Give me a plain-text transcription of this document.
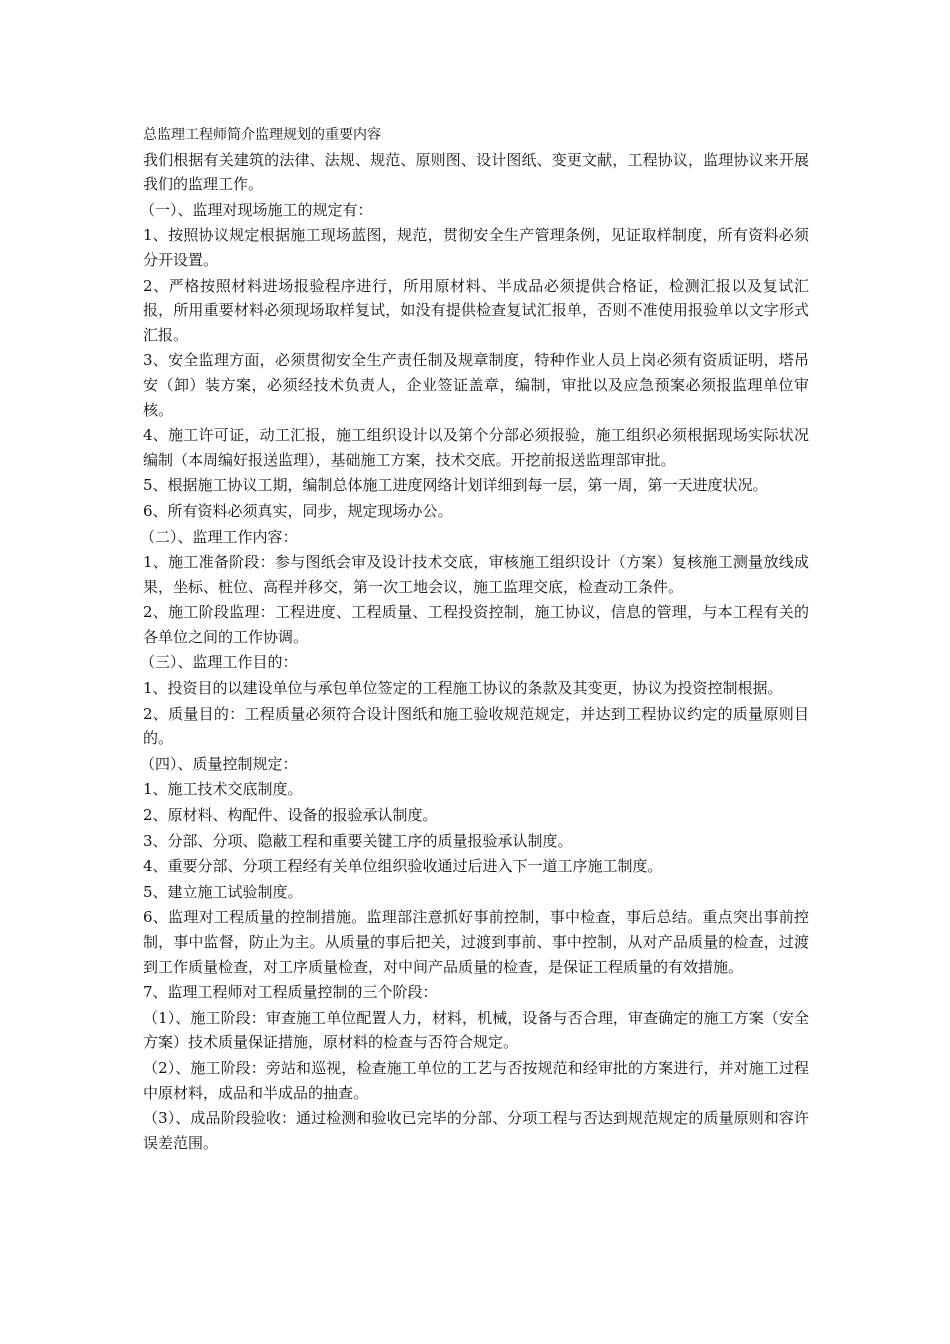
总监理工程师简介监理规划的重要内容

我们根据有关建筑的法律、法规、规范、原则图、设计图纸、变更文献，工程协议，监理协议来开展我们的监理工作。

（一）、监理对现场施工的规定有：

1、按照协议规定根据施工现场蓝图，规范，贯彻安全生产管理条例，见证取样制度，所有资料必须分开设置。

2、严格按照材料进场报验程序进行，所用原材料、半成品必须提供合格证，检测汇报以及复试汇报，所用重要材料必须现场取样复试，如没有提供检查复试汇报单，否则不准使用报验单以文字形式汇报。

3、安全监理方面，必须贯彻安全生产责任制及规章制度，特种作业人员上岗必须有资质证明，塔吊安（卸）装方案，必须经技术负责人，企业签证盖章，编制，审批以及应急预案必须报监理单位审核。

4、施工许可证，动工汇报，施工组织设计以及第个分部必须报验，施工组织必须根据现场实际状况编制（本周编好报送监理），基础施工方案，技术交底。开挖前报送监理部审批。

5、根据施工协议工期，编制总体施工进度网络计划详细到每一层，第一周，第一天进度状况。

6、所有资料必须真实，同步，规定现场办公。

（二）、监理工作内容：

1、施工准备阶段：参与图纸会审及设计技术交底，审核施工组织设计（方案）复核施工测量放线成果，坐标、桩位、高程并移交，第一次工地会议，施工监理交底，检查动工条件。

2、施工阶段监理：工程进度、工程质量、工程投资控制，施工协议，信息的管理，与本工程有关的各单位之间的工作协调。

（三）、监理工作目的：

1、投资目的以建设单位与承包单位签定的工程施工协议的条款及其变更，协议为投资控制根据。

2、质量目的：工程质量必须符合设计图纸和施工验收规范规定，并达到工程协议约定的质量原则目的。

（四）、质量控制规定：

1、施工技术交底制度。

2、原材料、构配件、设备的报验承认制度。

3、分部、分项、隐蔽工程和重要关键工序的质量报验承认制度。

4、重要分部、分项工程经有关单位组织验收通过后进入下一道工序施工制度。

5、建立施工试验制度。

6、监理对工程质量的控制措施。监理部注意抓好事前控制，事中检查，事后总结。重点突出事前控制，事中监督，防止为主。从质量的事后把关，过渡到事前、事中控制，从对产品质量的检查，过渡到工作质量检查，对工序质量检查，对中间产品质量的检查，是保证工程质量的有效措施。

7、监理工程师对工程质量控制的三个阶段：

（1）、施工阶段：审查施工单位配置人力，材料，机械，设备与否合理，审查确定的施工方案（安全方案）技术质量保证措施，原材料的检查与否符合规定。

（2）、施工阶段：旁站和巡视，检查施工单位的工艺与否按规范和经审批的方案进行，并对施工过程中原材料，成品和半成品的抽查。

（3）、成品阶段验收：通过检测和验收已完毕的分部、分项工程与否达到规范规定的质量原则和容许误差范围。
